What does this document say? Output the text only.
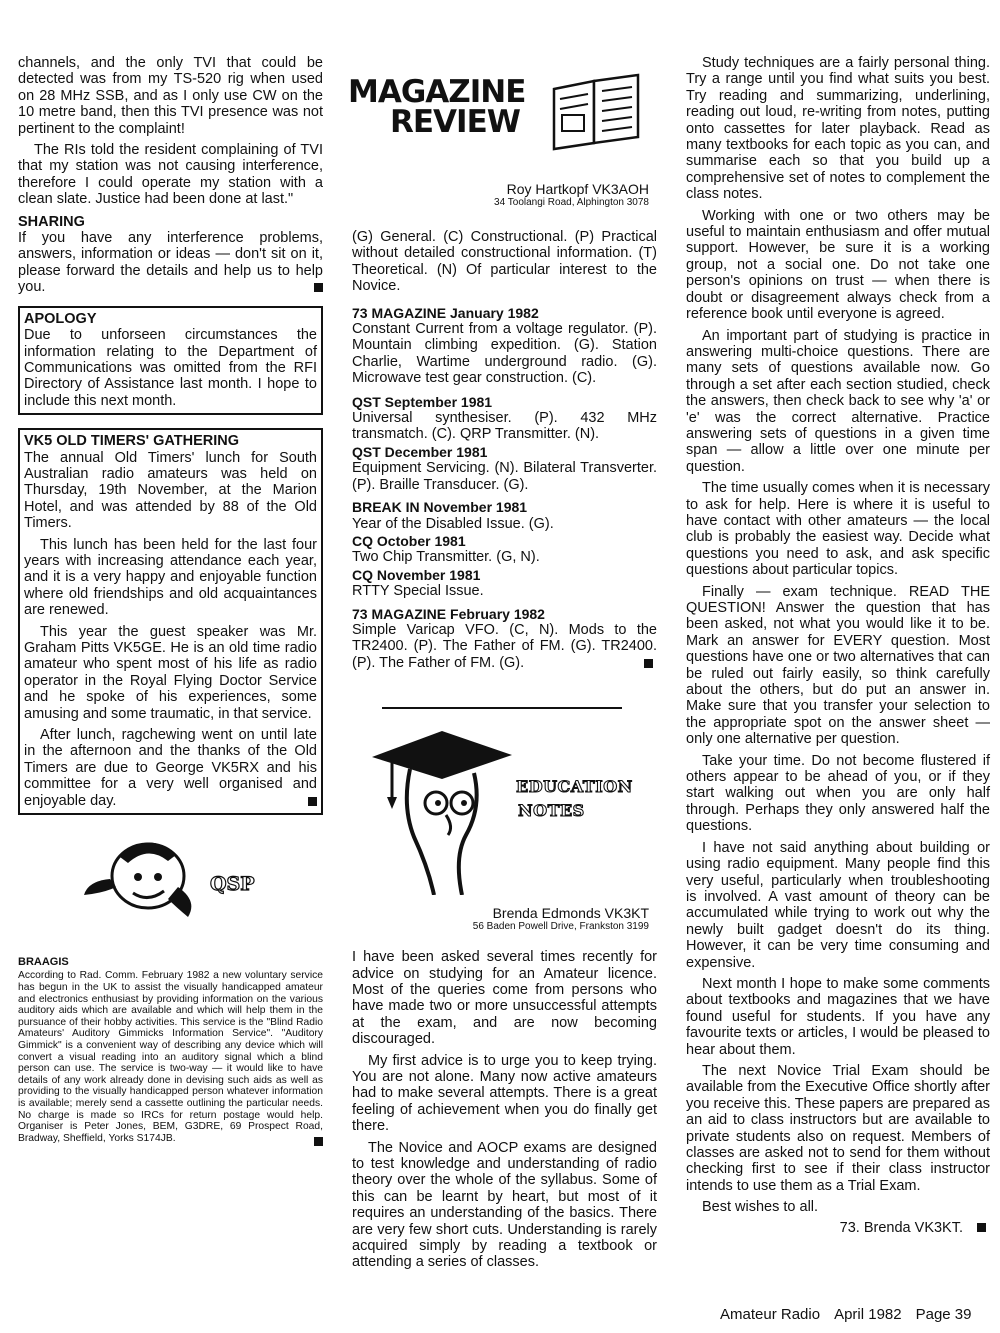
channels, and the only TVI that could be detected was from my TS-520 rig when used on 28 MHz SSB, and as I only use CW on the 10 metre band, then this TVI presence was not pertinent to the complaint!

The RIs told the resident complaining of TVI that my station was not causing interference, therefore I could operate my station with a clean slate. Justice had been done at last."

SHARING

If you have any interference problems, answers, information or ideas — don't sit on it, please forward the details and help us to help you.

APOLOGY

Due to unforseen circumstances the information relating to the Department of Communications was omitted from the RFI Directory of Assistance last month. I hope to include this next month.

VK5 OLD TIMERS' GATHERING

The annual Old Timers' lunch for South Australian radio amateurs was held on Thursday, 19th November, at the Marion Hotel, and was attended by 88 of the Old Timers.

This lunch has been held for the last four years with increasing attendance each year, and it is a very happy and enjoyable function where old friendships and old acquaintances are renewed.

This year the guest speaker was Mr. Graham Pitts VK5GE. He is an old time radio amateur who spent most of his life as radio operator in the Royal Flying Doctor Service and he spoke of his experiences, some amusing and some traumatic, in that service.

After lunch, ragchewing went on until late in the afternoon and the thanks of the Old Timers are due to George VK5RX and his committee for a very well organised and enjoyable day.

QSP
BRAAGIS

According to Rad. Comm. February 1982 a new voluntary service has begun in the UK to assist the visually handicapped amateur and electronics enthusiast by providing information on the various auditory aids which are available and which will help them in the pursuance of their hobby activities. This service is the "Blind Radio Amateurs' Auditory Gimmicks Information Service". "Auditory Gimmick" is a convenient way of describing any device which will convert a visual reading into an auditory signal which a blind person can use. The service is two-way — it would like to have details of any work already done in devising such aids as well as providing to the visually handicapped person whatever information is available; merely send a cassette outlining the particular needs. No charge is made so IRCs for return postage would help. Organiser is Peter Jones, BEM, G3DRE, 69 Prospect Road, Bradway, Sheffield, Yorks S174JB.

MAGAZINE
REVIEW
Roy Hartkopf VK3AOH
34 Toolangi Road, Alphington 3078

(G) General. (C) Constructional. (P) Practical without detailed constructional information. (T) Theoretical. (N) Of particular interest to the Novice.

73 MAGAZINE January 1982

Constant Current from a voltage regulator. (P). Mountain climbing expedition. (G). Station Charlie, Wartime underground radio. (G). Microwave test gear construction. (C).

QST September 1981

Universal synthesiser. (P). 432 MHz transmatch. (C). QRP Transmitter. (N).

QST December 1981

Equipment Servicing. (N). Bilateral Transverter. (P). Braille Transducer. (G).

BREAK IN November 1981

Year of the Disabled Issue. (G).

CQ October 1981

Two Chip Transmitter. (G, N).

CQ November 1981

RTTY Special Issue.

73 MAGAZINE February 1982

Simple Varicap VFO. (C, N). Mods to the TR2400. (P). The Father of FM. (G). TR2400. (P). The Father of FM. (G).

EDUCATION
NOTES
Brenda Edmonds VK3KT
56 Baden Powell Drive, Frankston 3199

I have been asked several times recently for advice on studying for an Amateur licence. Most of the queries come from persons who have made two or more unsuccessful attempts at the exam, and are now becoming discouraged.

My first advice is to urge you to keep trying. You are not alone. Many now active amateurs had to make several attempts. There is a great feeling of achievement when you do finally get there.

The Novice and AOCP exams are designed to test knowledge and understanding of radio theory over the whole of the syllabus. Some of this can be learnt by heart, but most of it requires an understanding of the basics. There are very few short cuts. Understanding is rarely acquired simply by reading a textbook or attending a series of classes.

Study techniques are a fairly personal thing. Try a range until you find what suits you best. Try reading and summarizing, underlining, reading out loud, re-writing from notes, putting onto cassettes for later playback. Read as many textbooks for each topic as you can, and summarise each so that you build up a comprehensive set of notes to complement the class notes.

Working with one or two others may be useful to maintain enthusiasm and offer mutual support. However, be sure it is a working group, not a social one. Do not take one person's opinions on trust — when there is doubt or disagreement always check from a reference book until everyone is agreed.

An important part of studying is practice in answering multi-choice questions. There are many sets of questions available now. Go through a set after each section studied, check the answers, then check back to see why 'a' or 'e' was the correct alternative. Practice answering sets of questions in a given time span — allow a little over one minute per question.

The time usually comes when it is necessary to ask for help. Here is where it is useful to have contact with other amateurs — the local club is probably the easiest way. Decide what questions you need to ask, and ask specific questions about particular topics.

Finally — exam technique. READ THE QUESTION! Answer the question that has been asked, not what you would like it to be. Mark an answer for EVERY question. Most questions have one or two alternatives that can be ruled out fairly easily, so think carefully about the others, but do put an answer in. Make sure that you transfer your selection to the appropriate spot on the answer sheet — only one alternative per question.

Take your time. Do not become flustered if others appear to be ahead of you, or if they start walking out when you are only half through. Perhaps they only answered half the questions.

I have not said anything about building or using radio equipment. Many people find this very useful, particularly when troubleshooting is involved. A vast amount of theory can be accumulated while trying to work out why the newly built gadget doesn't do its thing. However, it can be very time consuming and expensive.

Next month I hope to make some comments about textbooks and magazines that we have found useful for students. If you have any favourite texts or articles, I would be pleased to hear about them.

The next Novice Trial Exam should be available from the Executive Office shortly after you receive this. These papers are prepared as an aid to class instructors but are available to private students also on request. Members of classes are asked not to send for them without checking first to see if their class instructor intends to use them as a Trial Exam.

Best wishes to all.

73. Brenda VK3KT.

Amateur Radio April 1982 Page 39
